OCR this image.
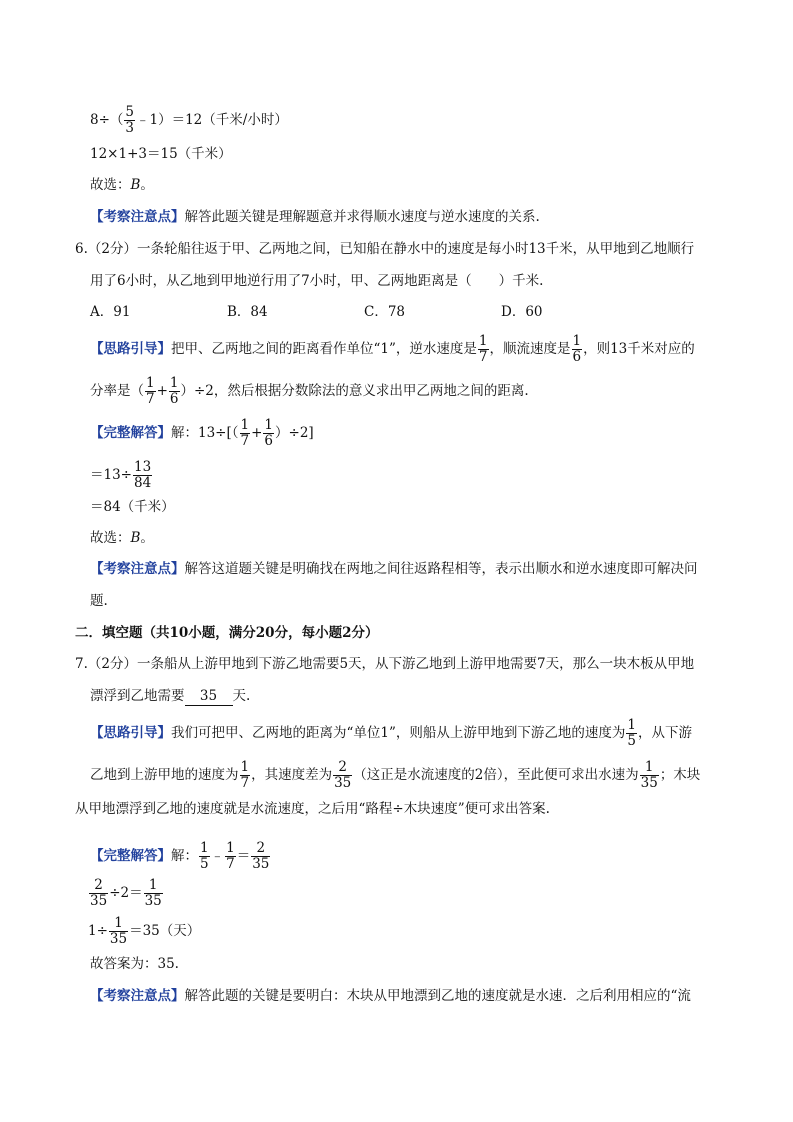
$8\div( \frac{5}{3}$ ﹣1）＝12（千米/小时）
12×1+3＝15（千米）
故选：B。
【考察注意点】解答此题关键是理解题意并求得顺水速度与逆水速度的关系.
6.（2分）一条轮船往返于甲、乙两地之间，已知船在静水中的速度是每小时13千米，从甲地到乙地顺行
用了6小时，从乙地到甲地逆行用了7小时，甲、乙两地距离是（　　）千米.
A．91	B．84	C．78	D．60
【思路引导】把甲、乙两地之间的距离看作单位“1”，逆水速度是 $\frac{1}{7}$ ，顺流速度是 $\frac{1}{6}$ ，则13千米对应的
分率是（ $\frac{1}{7} + \frac{1}{6} )\div 2$，然后根据分数除法的意义求出甲乙两地之间的距离.
【完整解答】解：$13\div[( \frac{1}{7} + \frac{1}{6} )\div 2]$
$=13\div \frac{13}{84}$
＝84（千米）
故选：B。
【考察注意点】解答这道题关键是明确找在两地之间往返路程相等，表示出顺水和逆水速度即可解决问
题.
二．填空题（共10小题，满分20分，每小题2分）
7.（2分）一条船从上游甲地到下游乙地需要5天，从下游乙地到上游甲地需要7天，那么一块木板从甲地
漂浮到乙地需要 35 天.
【思路引导】我们可把甲、乙两地的距离为“单位1”，则船从上游甲地到下游乙地的速度为 $\frac{1}{5}$ ，从下游
乙地到上游甲地的速度为 $\frac{1}{7}$ ，其速度差为 $\frac{2}{35}$ （这正是水流速度的2倍），至此便可求出水速为 $\frac{1}{35}$ ；木块
从甲地漂浮到乙地的速度就是水流速度，之后用“路程÷木块速度”便可求出答案.
【完整解答】解： $\frac{1}{5}$ ﹣ $\frac{1}{7} = \frac{2}{35}$
$\frac{2}{35} \div 2= \frac{1}{35}$
$1\div \frac{1}{35} =35$（天）
故答案为：35.
【考察注意点】解答此题的关键是要明白：木块从甲地漂到乙地的速度就是水速．之后利用相应的“流
